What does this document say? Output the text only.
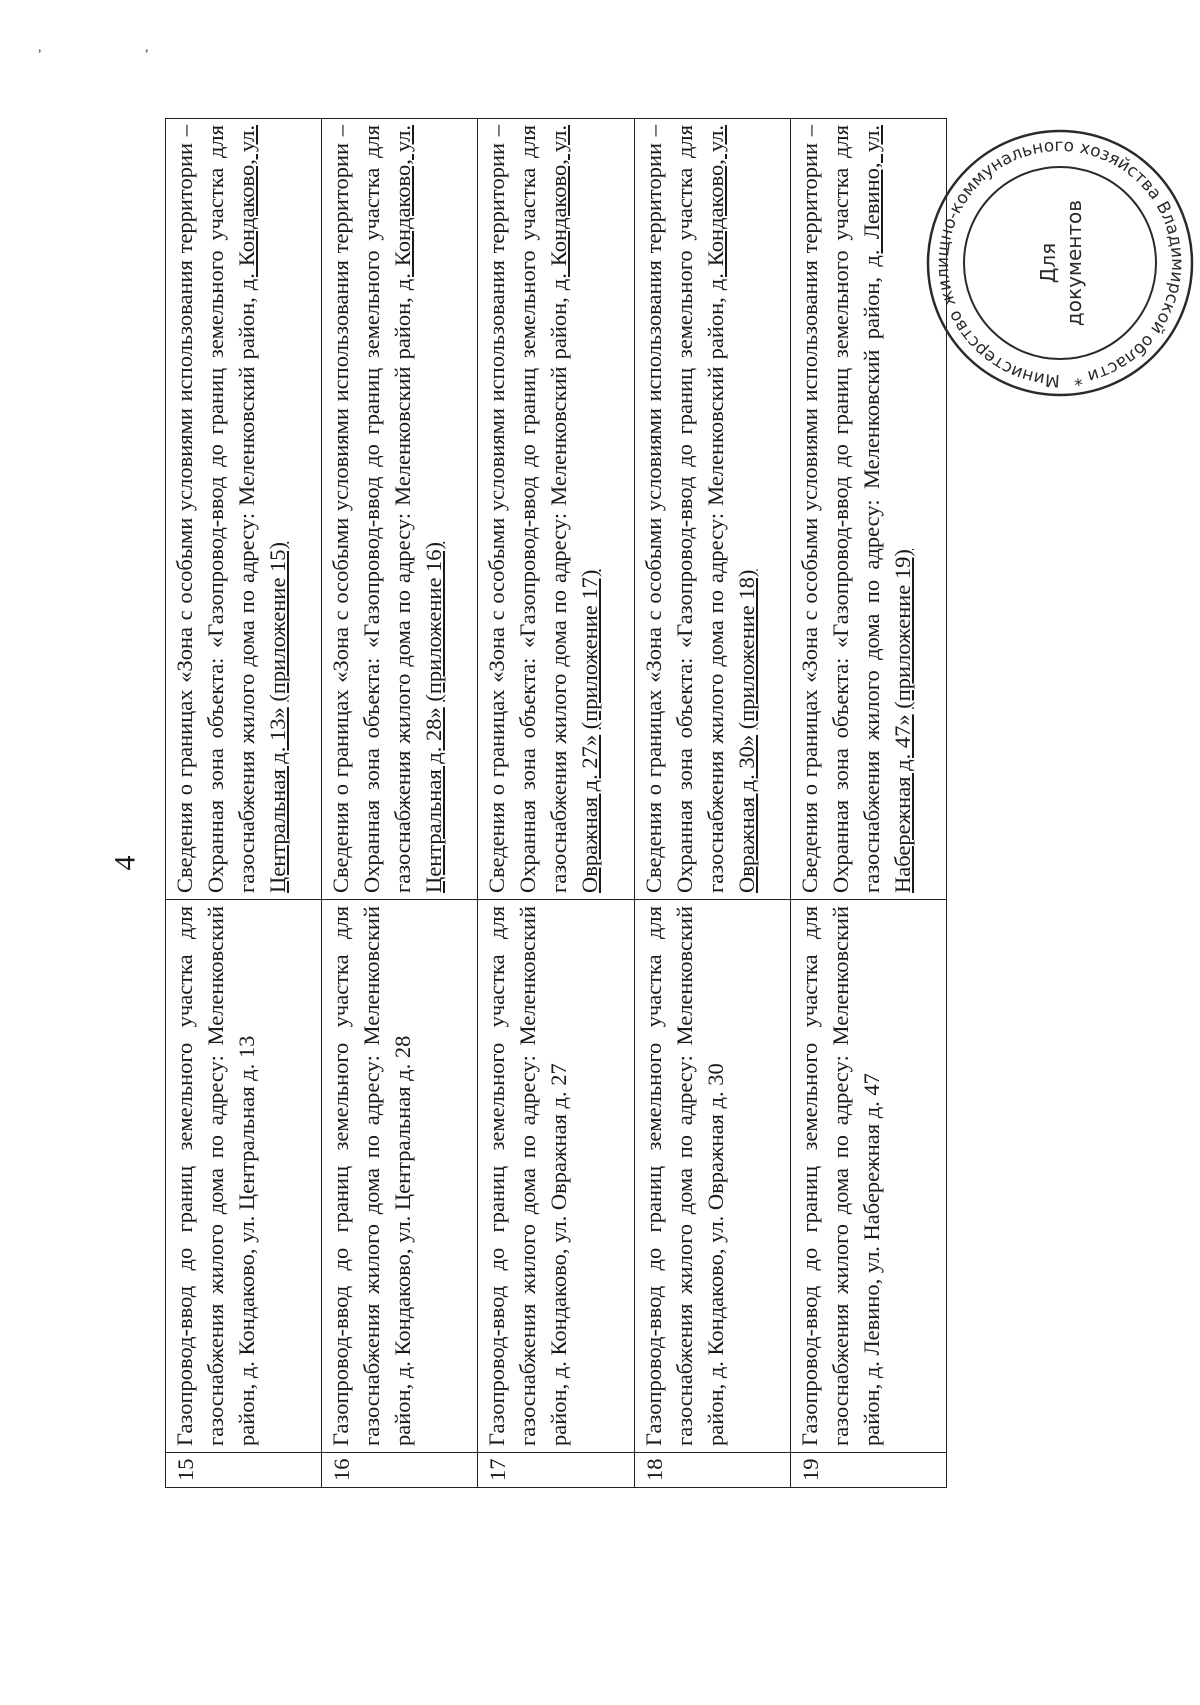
, ,
4
15	Газопровод-ввод до границ земельного участка для газоснабжения жилого дома по адресу: Меленковский район, д. Кондаково, ул. Центральная д. 13	Сведения о границах «Зона с особыми условиями использования территории – Охранная зона объекта: «Газопровод-ввод до границ земельного участка для газоснабжения жилого дома по адресу: Меленковский район, д. Кондаково, ул. Центральная д. 13» (приложение 15)
16	Газопровод-ввод до границ земельного участка для газоснабжения жилого дома по адресу: Меленковский район, д. Кондаково, ул. Центральная д. 28	Сведения о границах «Зона с особыми условиями использования территории – Охранная зона объекта: «Газопровод-ввод до границ земельного участка для газоснабжения жилого дома по адресу: Меленковский район, д. Кондаково, ул. Центральная д. 28» (приложение 16)
17	Газопровод-ввод до границ земельного участка для газоснабжения жилого дома по адресу: Меленковский район, д. Кондаково, ул. Овражная д. 27	Сведения о границах «Зона с особыми условиями использования территории – Охранная зона объекта: «Газопровод-ввод до границ земельного участка для газоснабжения жилого дома по адресу: Меленковский район, д. Кондаково, ул. Овражная д. 27» (приложение 17)
18	Газопровод-ввод до границ земельного участка для газоснабжения жилого дома по адресу: Меленковский район, д. Кондаково, ул. Овражная д. 30	Сведения о границах «Зона с особыми условиями использования территории – Охранная зона объекта: «Газопровод-ввод до границ земельного участка для газоснабжения жилого дома по адресу: Меленковский район, д. Кондаково, ул. Овражная д. 30» (приложение 18)
19	Газопровод-ввод до границ земельного участка для газоснабжения жилого дома по адресу: Меленковский район, д. Левино, ул. Набережная д. 47	Сведения о границах «Зона с особыми условиями использования территории – Охранная зона объекта: «Газопровод-ввод до границ земельного участка для газоснабжения жилого дома по адресу: Меленковский район, д. Левино, ул. Набережная д. 47» (приложение 19)
Министерство жилищно-коммунального хозяйства Владимирской области *
Для документов
